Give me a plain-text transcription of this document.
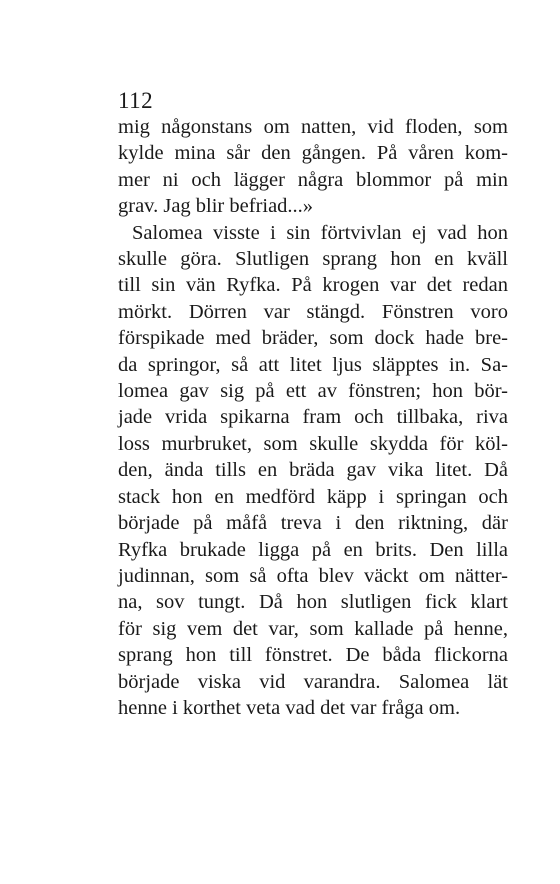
112
mig någonstans om natten, vid floden, som
kylde mina sår den gången. På våren kom-
mer ni och lägger några blommor på min
grav. Jag blir befriad...»
Salomea visste i sin förtvivlan ej vad hon
skulle göra. Slutligen sprang hon en kväll
till sin vän Ryfka. På krogen var det redan
mörkt. Dörren var stängd. Fönstren voro
förspikade med bräder, som dock hade bre-
da springor, så att litet ljus släpptes in. Sa-
lomea gav sig på ett av fönstren; hon bör-
jade vrida spikarna fram och tillbaka, riva
loss murbruket, som skulle skydda för köl-
den, ända tills en bräda gav vika litet. Då
stack hon en medförd käpp i springan och
började på måfå treva i den riktning, där
Ryfka brukade ligga på en brits. Den lilla
judinnan, som så ofta blev väckt om nätter-
na, sov tungt. Då hon slutligen fick klart
för sig vem det var, som kallade på henne,
sprang hon till fönstret. De båda flickorna
började viska vid varandra. Salomea lät
henne i korthet veta vad det var fråga om.
